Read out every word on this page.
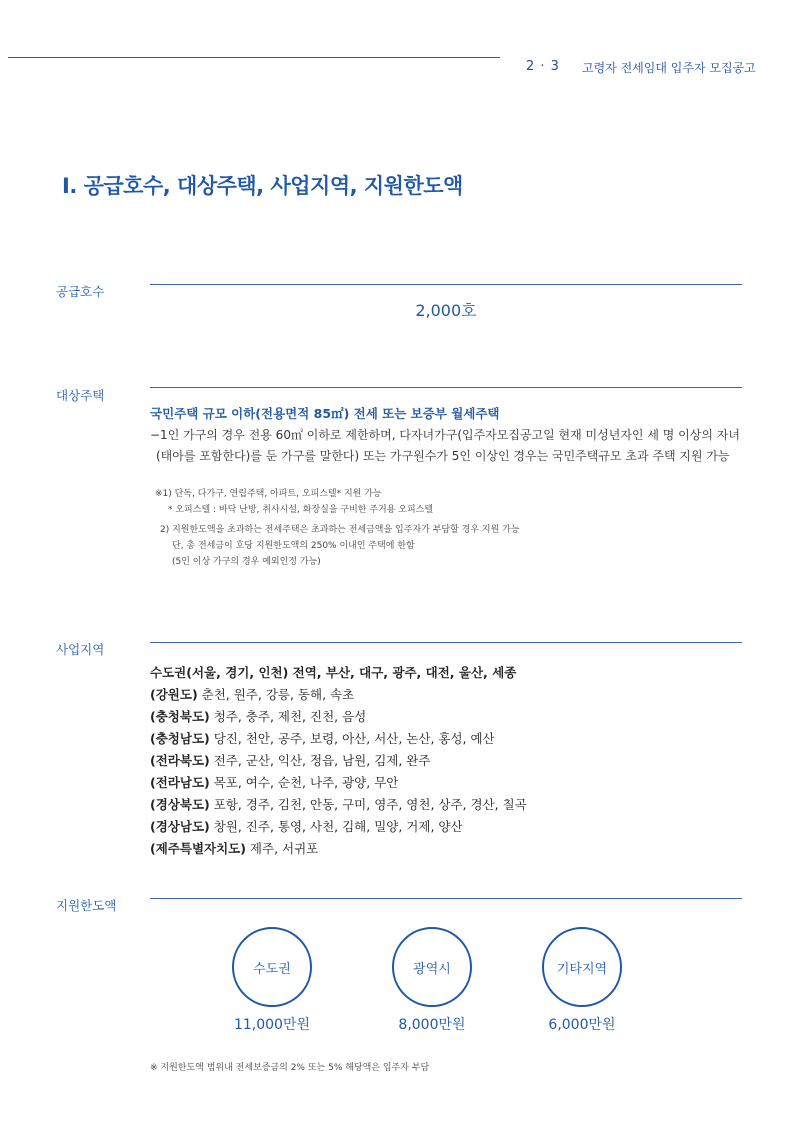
2 · 3 고령자 전세임대 입주자 모집공고
Ⅰ. 공급호수, 대상주택, 사업지역, 지원한도액
공급호수
2,000호
대상주택
국민주택 규모 이하(전용면적 85㎡) 전세 또는 보증부 월세주택
−1인 가구의 경우 전용 60㎡ 이하로 제한하며, 다자녀가구(입주자모집공고일 현재 미성년자인 세 명 이상의 자녀
(태아를 포함한다)를 둔 가구를 말한다) 또는 가구원수가 5인 이상인 경우는 국민주택규모 초과 주택 지원 가능
※1) 단독, 다가구, 연립주택, 아파트, 오피스텔* 지원 가능
* 오피스텔 : 바닥 난방, 취사시설, 화장실을 구비한 주거용 오피스텔
2) 지원한도액을 초과하는 전세주택은 초과하는 전세금액을 입주자가 부담할 경우 지원 가능
단, 총 전세금이 호당 지원한도액의 250% 이내인 주택에 한함
(5인 이상 가구의 경우 예외인정 가능)
사업지역
수도권(서울, 경기, 인천) 전역, 부산, 대구, 광주, 대전, 울산, 세종
(강원도) 춘천, 원주, 강릉, 동해, 속초
(충청북도) 청주, 충주, 제천, 진천, 음성
(충청남도) 당진, 천안, 공주, 보령, 아산, 서산, 논산, 홍성, 예산
(전라북도) 전주, 군산, 익산, 정읍, 남원, 김제, 완주
(전라남도) 목포, 여수, 순천, 나주, 광양, 무안
(경상북도) 포항, 경주, 김천, 안동, 구미, 영주, 영천, 상주, 경산, 칠곡
(경상남도) 창원, 진주, 통영, 사천, 김해, 밀양, 거제, 양산
(제주특별자치도) 제주, 서귀포
지원한도액
수도권	광역시	기타지역
11,000만원	8,000만원	6,000만원
※ 지원한도액 범위내 전세보증금의 2% 또는 5% 해당액은 입주자 부담
